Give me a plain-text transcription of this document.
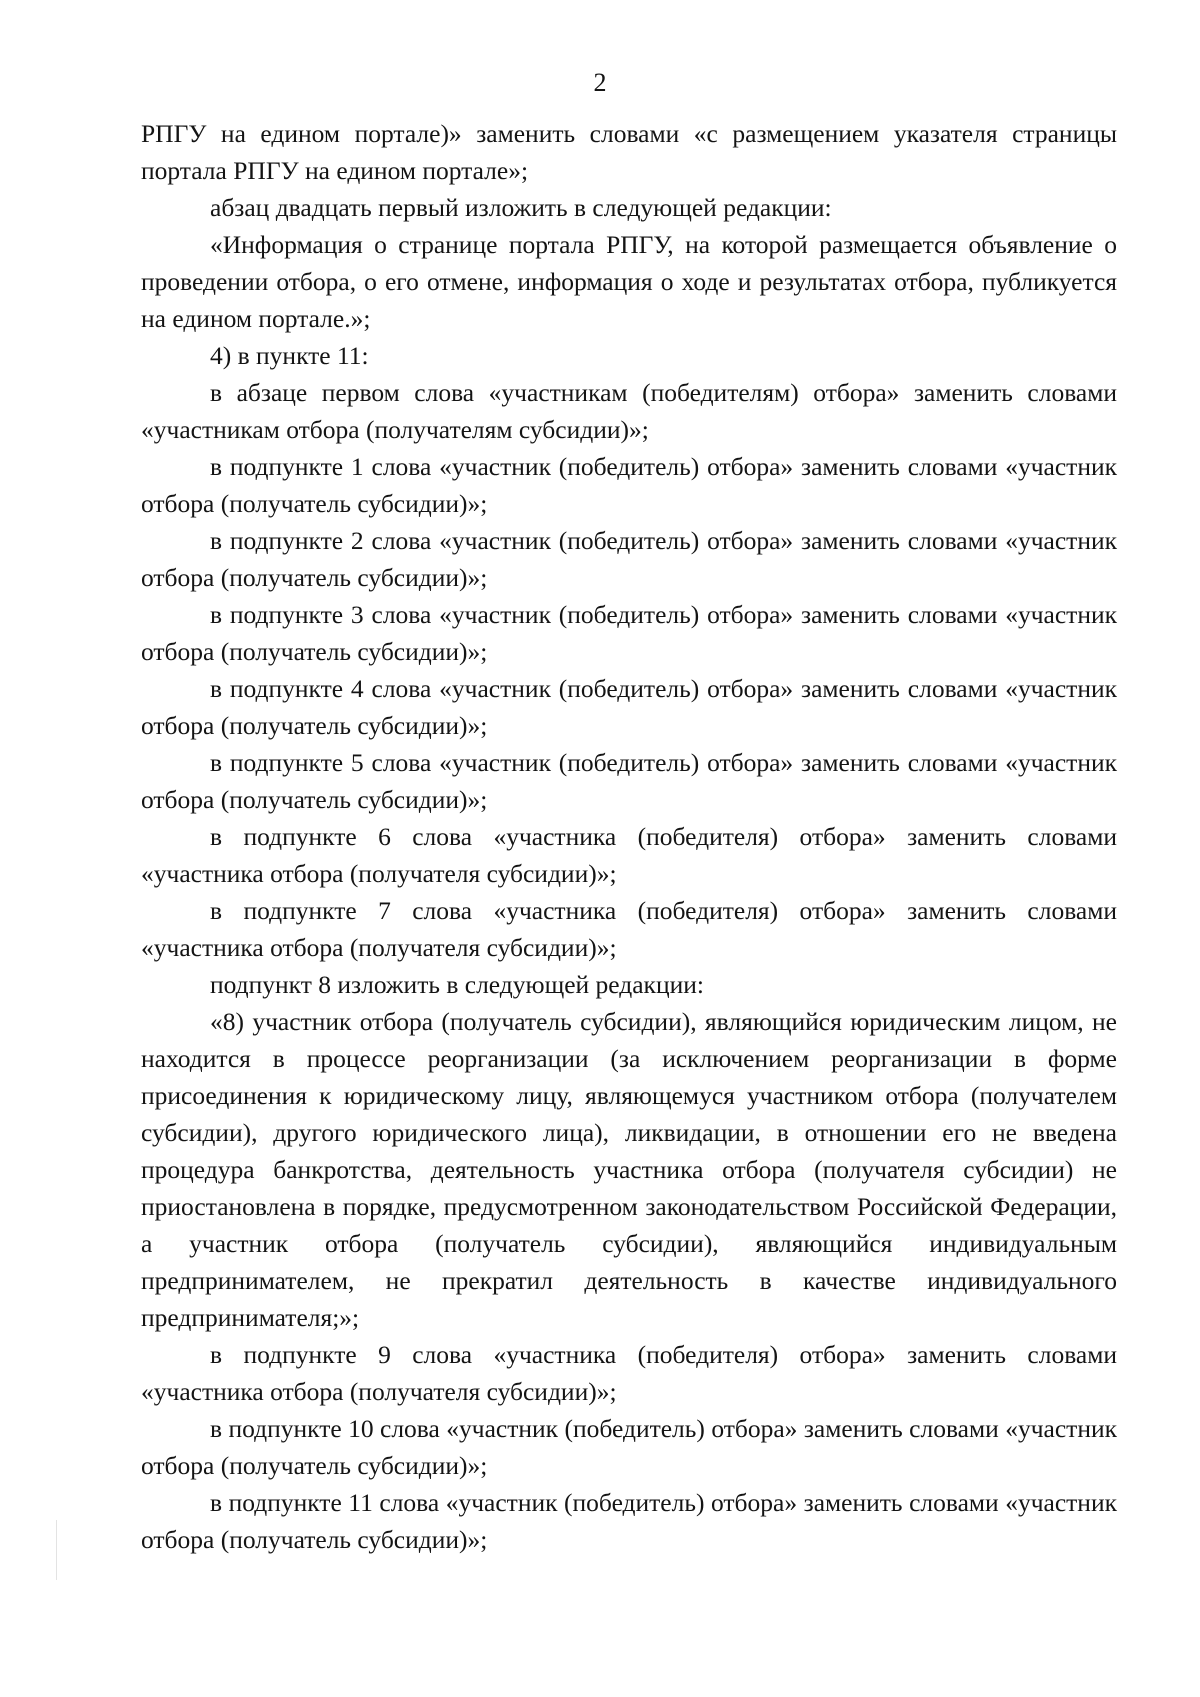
2

РПГУ на едином портале)» заменить словами «с размещением указателя страницы портала РПГУ на едином портале»;

абзац двадцать первый изложить в следующей редакции:

«Информация о странице портала РПГУ, на которой размещается объявление о проведении отбора, о его отмене, информация о ходе и результатах отбора, публикуется на едином портале.»;

4) в пункте 11:

в абзаце первом слова «участникам (победителям) отбора» заменить словами «участникам отбора (получателям субсидии)»;

в подпункте 1 слова «участник (победитель) отбора» заменить словами «участник отбора (получатель субсидии)»;

в подпункте 2 слова «участник (победитель) отбора» заменить словами «участник отбора (получатель субсидии)»;

в подпункте 3 слова «участник (победитель) отбора» заменить словами «участник отбора (получатель субсидии)»;

в подпункте 4 слова «участник (победитель) отбора» заменить словами «участник отбора (получатель субсидии)»;

в подпункте 5 слова «участник (победитель) отбора» заменить словами «участник отбора (получатель субсидии)»;

в подпункте 6 слова «участника (победителя) отбора» заменить словами «участника отбора (получателя субсидии)»;

в подпункте 7 слова «участника (победителя) отбора» заменить словами «участника отбора (получателя субсидии)»;

подпункт 8 изложить в следующей редакции:

«8) участник отбора (получатель субсидии), являющийся юридическим лицом, не находится в процессе реорганизации (за исключением реорганизации в форме присоединения к юридическому лицу, являющемуся участником отбора (получателем субсидии), другого юридического лица), ликвидации, в отношении его не введена процедура банкротства, деятельность участника отбора (получателя субсидии) не приостановлена в порядке, предусмотренном законодательством Российской Федерации, а участник отбора (получатель субсидии), являющийся индивидуальным предпринимателем, не прекратил деятельность в качестве индивидуального предпринимателя;»;

в подпункте 9 слова «участника (победителя) отбора» заменить словами «участника отбора (получателя субсидии)»;

в подпункте 10 слова «участник (победитель) отбора» заменить словами «участник отбора (получатель субсидии)»;

в подпункте 11 слова «участник (победитель) отбора» заменить словами «участник отбора (получатель субсидии)»;
